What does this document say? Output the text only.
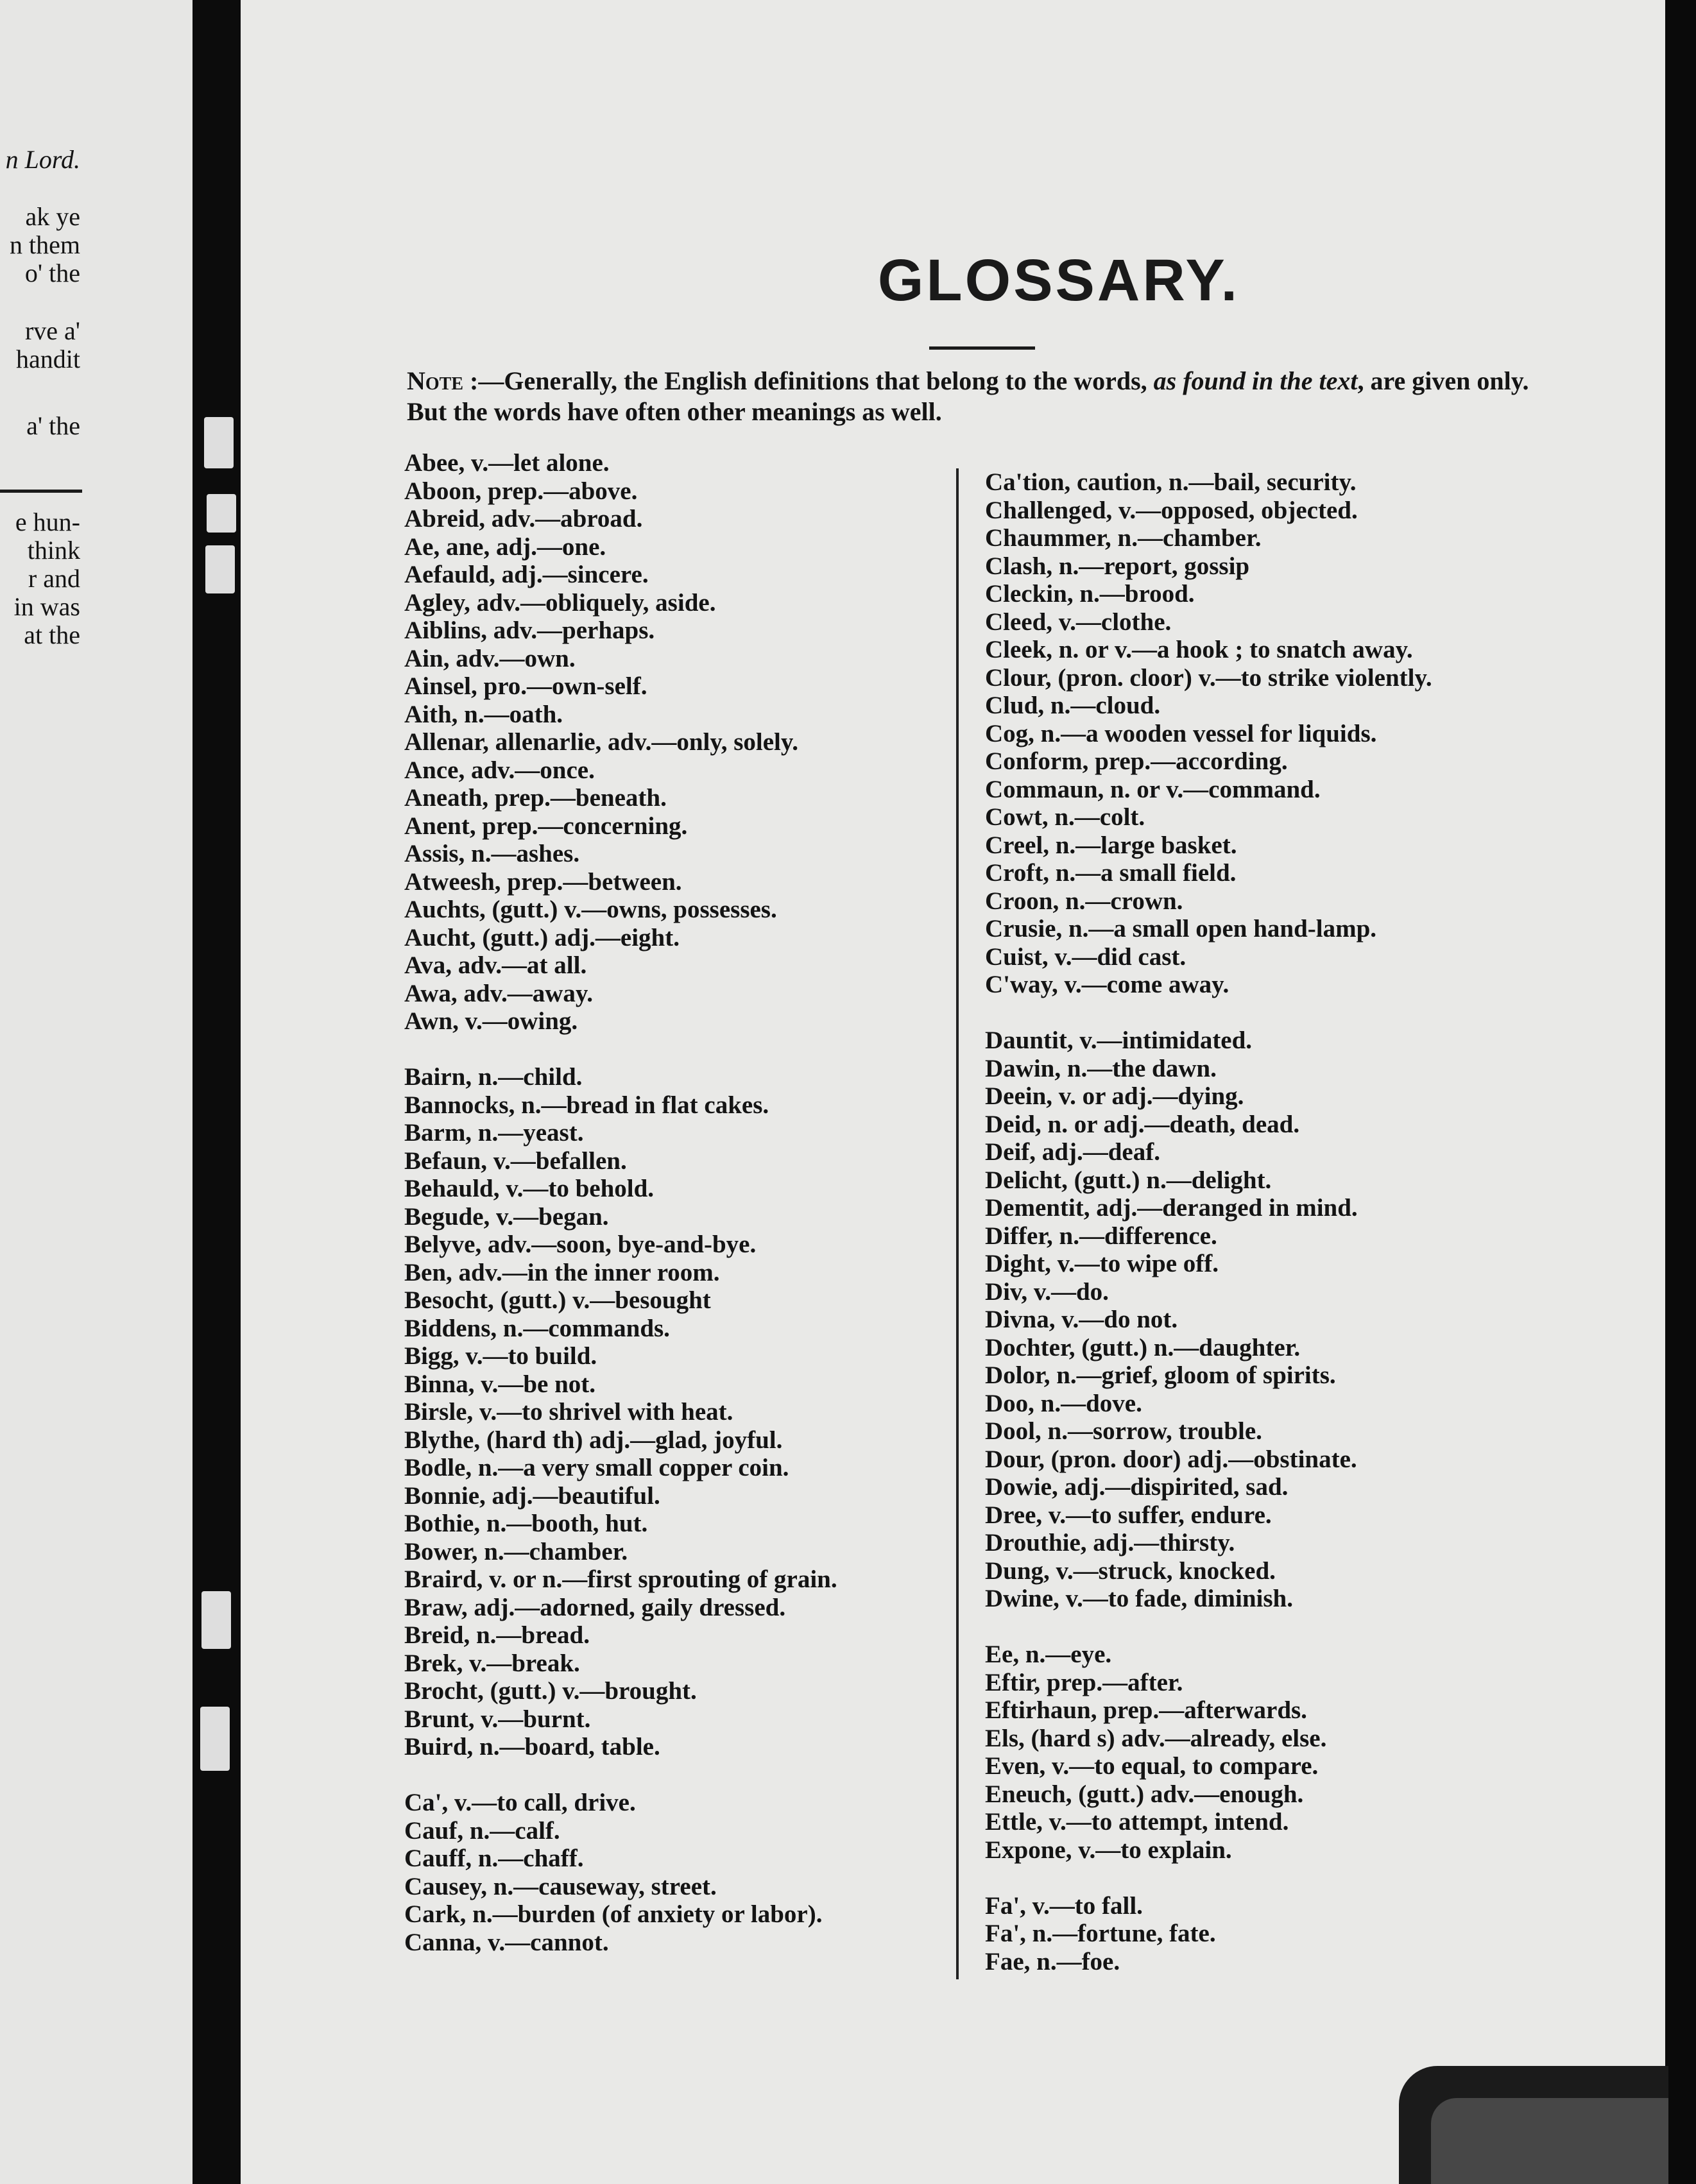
n Lord.
ak ye
n them
o' the
rve a'
handit
a' the
e hun-
think
r and
in was
at the
GLOSSARY.
Note :—Generally, the English definitions that belong to the words, as found in the text, are given only. But the words have often other meanings as well.
Abee, v.—let alone.
Aboon, prep.—above.
Abreid, adv.—abroad.
Ae, ane, adj.—one.
Aefauld, adj.—sincere.
Agley, adv.—obliquely, aside.
Aiblins, adv.—perhaps.
Ain, adv.—own.
Ainsel, pro.—own-self.
Aith, n.—oath.
Allenar, allenarlie, adv.—only, solely.
Ance, adv.—once.
Aneath, prep.—beneath.
Anent, prep.—concerning.
Assis, n.—ashes.
Atweesh, prep.—between.
Auchts, (gutt.) v.—owns, possesses.
Aucht, (gutt.) adj.—eight.
Ava, adv.—at all.
Awa, adv.—away.
Awn, v.—owing.
Bairn, n.—child.
Bannocks, n.—bread in flat cakes.
Barm, n.—yeast.
Befaun, v.—befallen.
Behauld, v.—to behold.
Begude, v.—began.
Belyve, adv.—soon, bye-and-bye.
Ben, adv.—in the inner room.
Besocht, (gutt.) v.—besought
Biddens, n.—commands.
Bigg, v.—to build.
Binna, v.—be not.
Birsle, v.—to shrivel with heat.
Blythe, (hard th) adj.—glad, joyful.
Bodle, n.—a very small copper coin.
Bonnie, adj.—beautiful.
Bothie, n.—booth, hut.
Bower, n.—chamber.
Braird, v. or n.—first sprouting of grain.
Braw, adj.—adorned, gaily dressed.
Breid, n.—bread.
Brek, v.—break.
Brocht, (gutt.) v.—brought.
Brunt, v.—burnt.
Buird, n.—board, table.
Ca', v.—to call, drive.
Cauf, n.—calf.
Cauff, n.—chaff.
Causey, n.—causeway, street.
Cark, n.—burden (of anxiety or labor).
Canna, v.—cannot.
Ca'tion, caution, n.—bail, security.
Challenged, v.—opposed, objected.
Chaummer, n.—chamber.
Clash, n.—report, gossip
Cleckin, n.—brood.
Cleed, v.—clothe.
Cleek, n. or v.—a hook ; to snatch away.
Clour, (pron. cloor) v.—to strike violently.
Clud, n.—cloud.
Cog, n.—a wooden vessel for liquids.
Conform, prep.—according.
Commaun, n. or v.—command.
Cowt, n.—colt.
Creel, n.—large basket.
Croft, n.—a small field.
Croon, n.—crown.
Crusie, n.—a small open hand-lamp.
Cuist, v.—did cast.
C'way, v.—come away.
Dauntit, v.—intimidated.
Dawin, n.—the dawn.
Deein, v. or adj.—dying.
Deid, n. or adj.—death, dead.
Deif, adj.—deaf.
Delicht, (gutt.) n.—delight.
Dementit, adj.—deranged in mind.
Differ, n.—difference.
Dight, v.—to wipe off.
Div, v.—do.
Divna, v.—do not.
Dochter, (gutt.) n.—daughter.
Dolor, n.—grief, gloom of spirits.
Doo, n.—dove.
Dool, n.—sorrow, trouble.
Dour, (pron. door) adj.—obstinate.
Dowie, adj.—dispirited, sad.
Dree, v.—to suffer, endure.
Drouthie, adj.—thirsty.
Dung, v.—struck, knocked.
Dwine, v.—to fade, diminish.
Ee, n.—eye.
Eftir, prep.—after.
Eftirhaun, prep.—afterwards.
Els, (hard s) adv.—already, else.
Even, v.—to equal, to compare.
Eneuch, (gutt.) adv.—enough.
Ettle, v.—to attempt, intend.
Expone, v.—to explain.
Fa', v.—to fall.
Fa', n.—fortune, fate.
Fae, n.—foe.
